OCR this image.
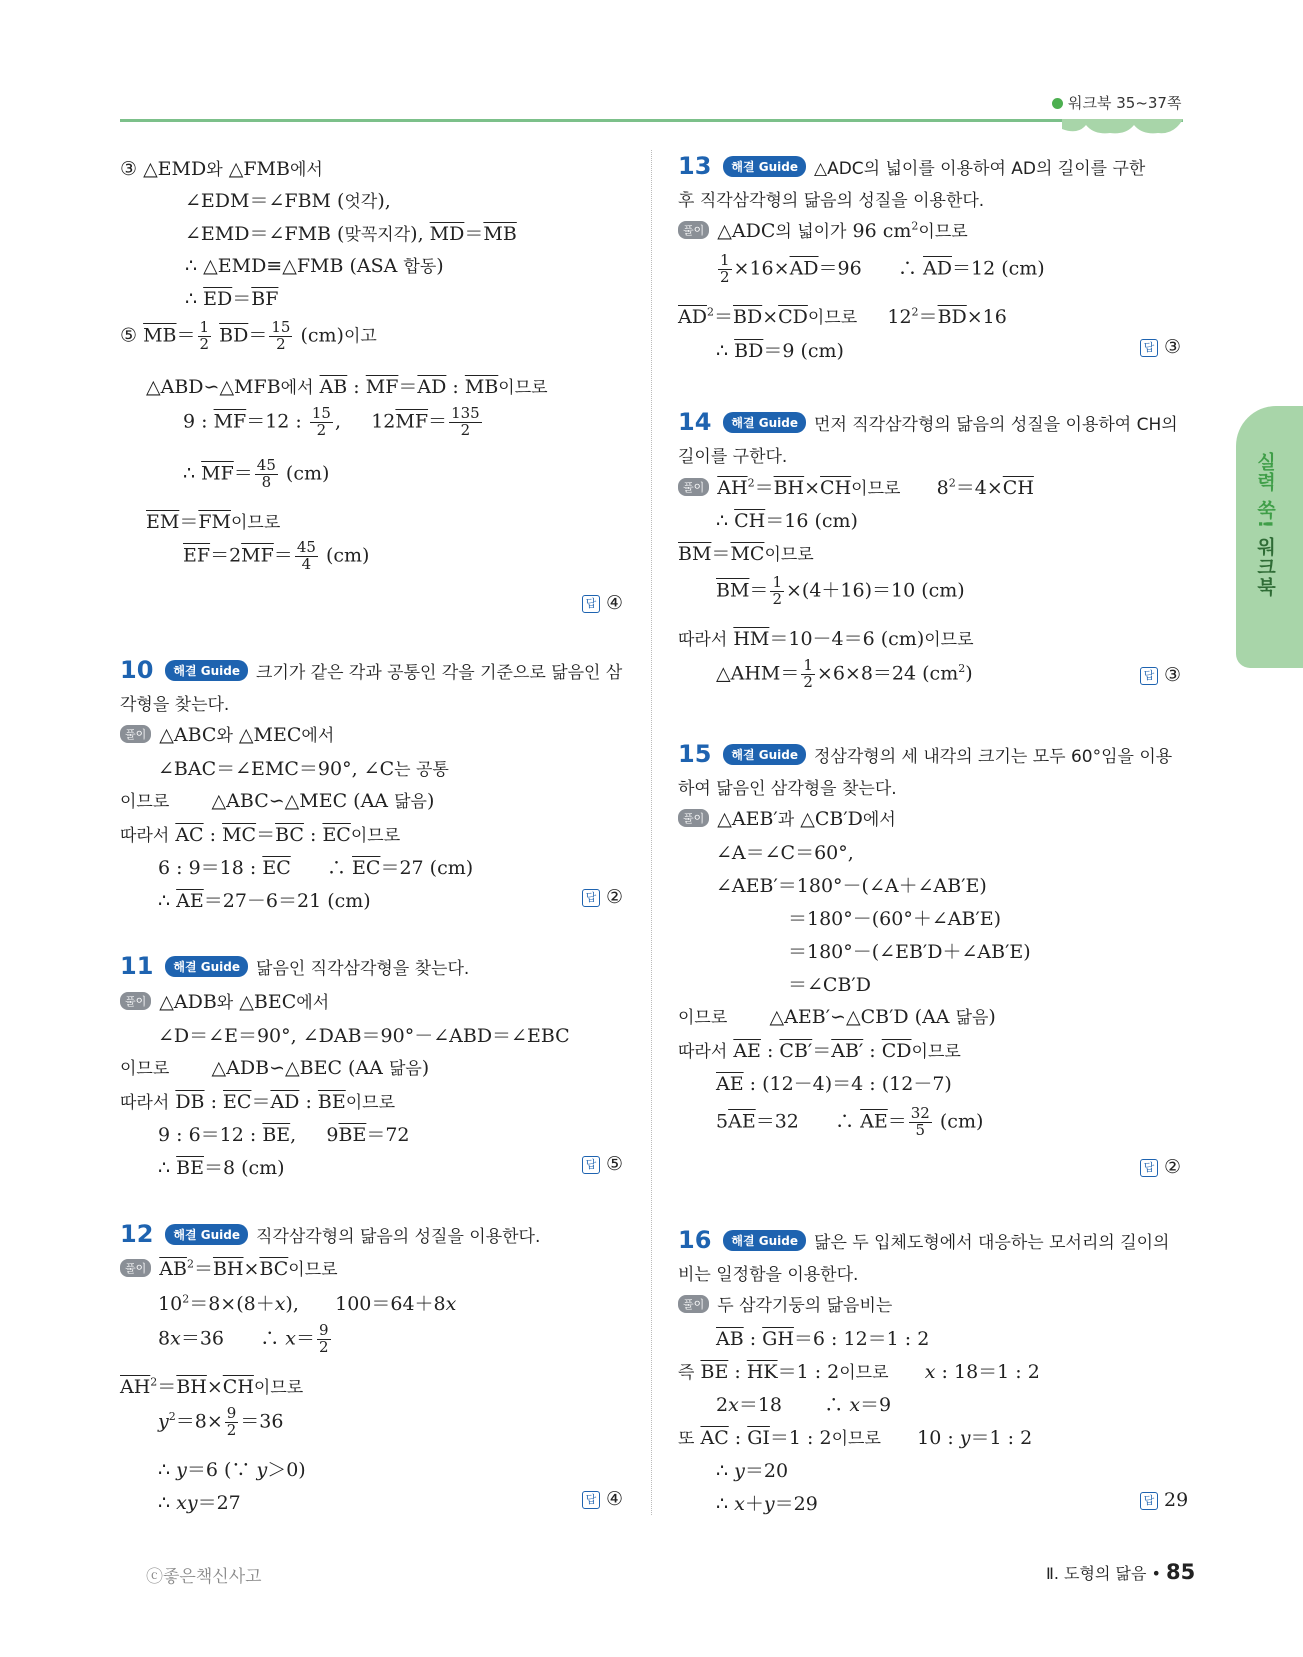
워크북 35~37쪽
실력 쑥! 워크북
③ △EMD와 △FMB에서
∠EDM＝∠FBM (엇각),
∠EMD＝∠FMB (맞꼭지각), $\overline{MD}=\overline{MB}$
∴ △EMD≡△FMB (ASA 합동)
∴ $\overline{ED}=\overline{BF}$
⑤ $\overline{MB}= \frac{1}{2} \overline{BD}= \frac{15}{2} (cm)$이고
△ABD∽△MFB에서 $\overline{AB}$ : $\overline{MF}=\overline{AD}$ : $\overline{MB}$이므로
9 : $\overline{MF}=12$ : $\frac{15}{2}$ ,     $12\overline{MF}= \frac{135}{2}$
∴ $\overline{MF}= \frac{45}{8} (cm)$
$\overline{EM}=\overline{FM}$이므로
$\overline{EF}=2\overline{MF}= \frac{45}{4} (cm)$
답④
10 해결 Guide 크기가 같은 각과 공통인 각을 기준으로 닮음인 삼
각형을 찾는다.
풀이 △ABC와 △MEC에서
∠BAC＝∠EMC＝90°, ∠C는 공통
이므로       △ABC∽△MEC (AA 닮음)
따라서 $\overline{AC}$ : $\overline{MC}=\overline{BC}$ : $\overline{EC}$이므로
6 : 9＝18 : $\overline{EC}$      ∴ $\overline{EC}=27$ (cm)
∴ $\overline{AE}=27-6=21$ (cm) 답	②
11 해결 Guide 닮음인 직각삼각형을 찾는다.
풀이 △ADB와 △BEC에서
∠D＝∠E＝90°, ∠DAB＝90°－∠ABD＝∠EBC
이므로       △ADB∽△BEC (AA 닮음)
따라서 $\overline{DB}$ : $\overline{EC}=\overline{AD}$ : $\overline{BE}$이므로
9 : 6＝12 : $\overline{BE}$,     $9\overline{BE}=72$
∴ $\overline{BE}=8$ (cm) 답	⑤
12 해결 Guide 직각삼각형의 닮음의 성질을 이용한다.
풀이 $\overline{AB}^2=\overline{BH}\times\overline{BC}$이므로
$10^2=8\times(8+x)$,      100＝64＋8x
8x＝36      ∴ $x= \frac{9}{2}$
$\overline{AH}^2=\overline{BH}\times\overline{CH}$이므로
$y^2=8\times \frac{9}{2} =36$
∴ y＝6 (∵ y＞0)
∴ xy＝27 답	④
13 해결 Guide △ADC의 넓이를 이용하여 AD의 길이를 구한
후 직각삼각형의 닮음의 성질을 이용한다.
풀이 △ADC의 넓이가 96 $cm^2$이므로
$\frac{1}{2} \times 16\times\overline{AD}=96$      ∴ $\overline{AD}=12$ (cm)
$\overline{AD}^2=\overline{BD}\times\overline{CD}$이므로     $12^2=\overline{BD}\times 16$
∴ $\overline{BD}=9$ (cm) 답	③
14 해결 Guide 먼저 직각삼각형의 닮음의 성질을 이용하여 CH의
길이를 구한다.
풀이 $\overline{AH}^2=\overline{BH}\times\overline{CH}$이므로      $8^2=4\times\overline{CH}$
∴ $\overline{CH}=16$ (cm)
$\overline{BM}=\overline{MC}$이므로
$\overline{BM}= \frac{1}{2} \times(4+16)=10$ (cm)
따라서 $\overline{HM}=10-4=6$ (cm)이므로
△AHM＝ $\frac{1}{2} \times 6\times 8=24$ $(cm^2)$ 답	③
15 해결 Guide 정삼각형의 세 내각의 크기는 모두 60°임을 이용
하여 닮음인 삼각형을 찾는다.
풀이 △AEB′과 △CB′D에서
∠A＝∠C＝60°,
∠AEB′＝180°－(∠A＋∠AB′E)
＝180°－(60°＋∠AB′E)
＝180°－(∠EB′D＋∠AB′E)
＝∠CB′D
이므로       △AEB′∽△CB′D (AA 닮음)
따라서 $\overline{AE}$ : CB′＝AB′ : $\overline{CD}$이므로
$\overline{AE}$ : (12－4)＝4 : (12－7)
$5\overline{AE}=32$      ∴ $\overline{AE}= \frac{32}{5} (cm)$
답②
16 해결 Guide 닮은 두 입체도형에서 대응하는 모서리의 길이의
비는 일정함을 이용한다.
풀이 두 삼각기둥의 닮음비는
$\overline{AB}$ : $\overline{GH}=6$ : 12＝1 : 2
즉 $\overline{BE}$ : $\overline{HK}=1$ : 2이므로 x : 18＝1 : 2
2x＝18       ∴ x＝9
또 $\overline{AC}$ : $\overline{GI}=1$ : 2이므로      10 : y＝1 : 2
∴ y＝20
∴ x＋y＝29 답	29
ⓒ좋은책신사고	Ⅱ. 도형의 닮음 • 85
